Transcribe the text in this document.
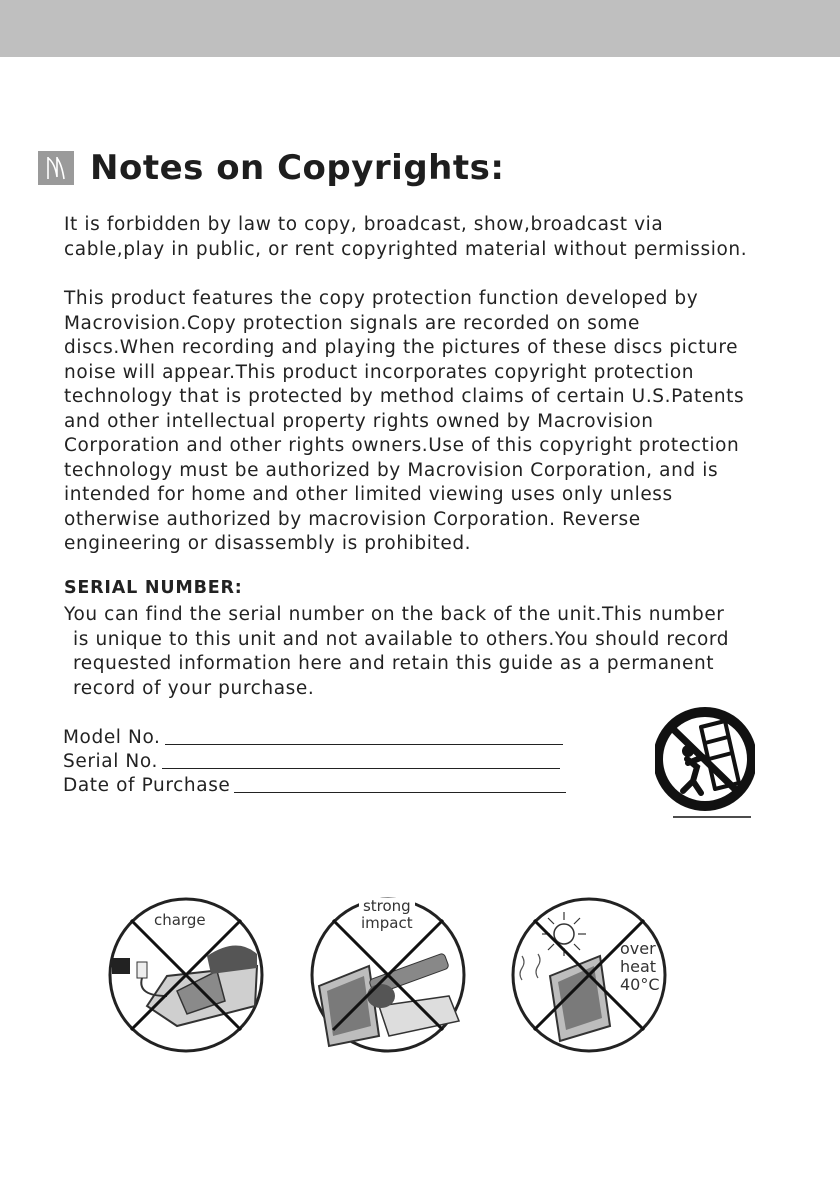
Notes on Copyrights:

It is forbidden by law to copy, broadcast, show,broadcast via

cable,play in public, or rent copyrighted material without permission.

This product features the copy protection function developed by

Macrovision.Copy protection signals are recorded on some

discs.When recording and playing the pictures of these discs picture

noise will appear.This product incorporates copyright protection

technology that is protected by method claims of certain U.S.Patents

and other intellectual property rights owned by Macrovision

Corporation and other rights owners.Use of this copyright protection

technology must be authorized by Macrovision Corporation, and is

intended for home and other limited viewing uses only unless

otherwise authorized by macrovision Corporation. Reverse

engineering or disassembly is prohibited.

SERIAL NUMBER:

You can find the serial number on the back of the unit.This number

is unique to this unit and not available to others.You should record

requested information here and retain this guide as a permanent

record of your purchase.

Model No.
Serial No.
Date of Purchase
charge
strong
impact
over
heat
40°C
